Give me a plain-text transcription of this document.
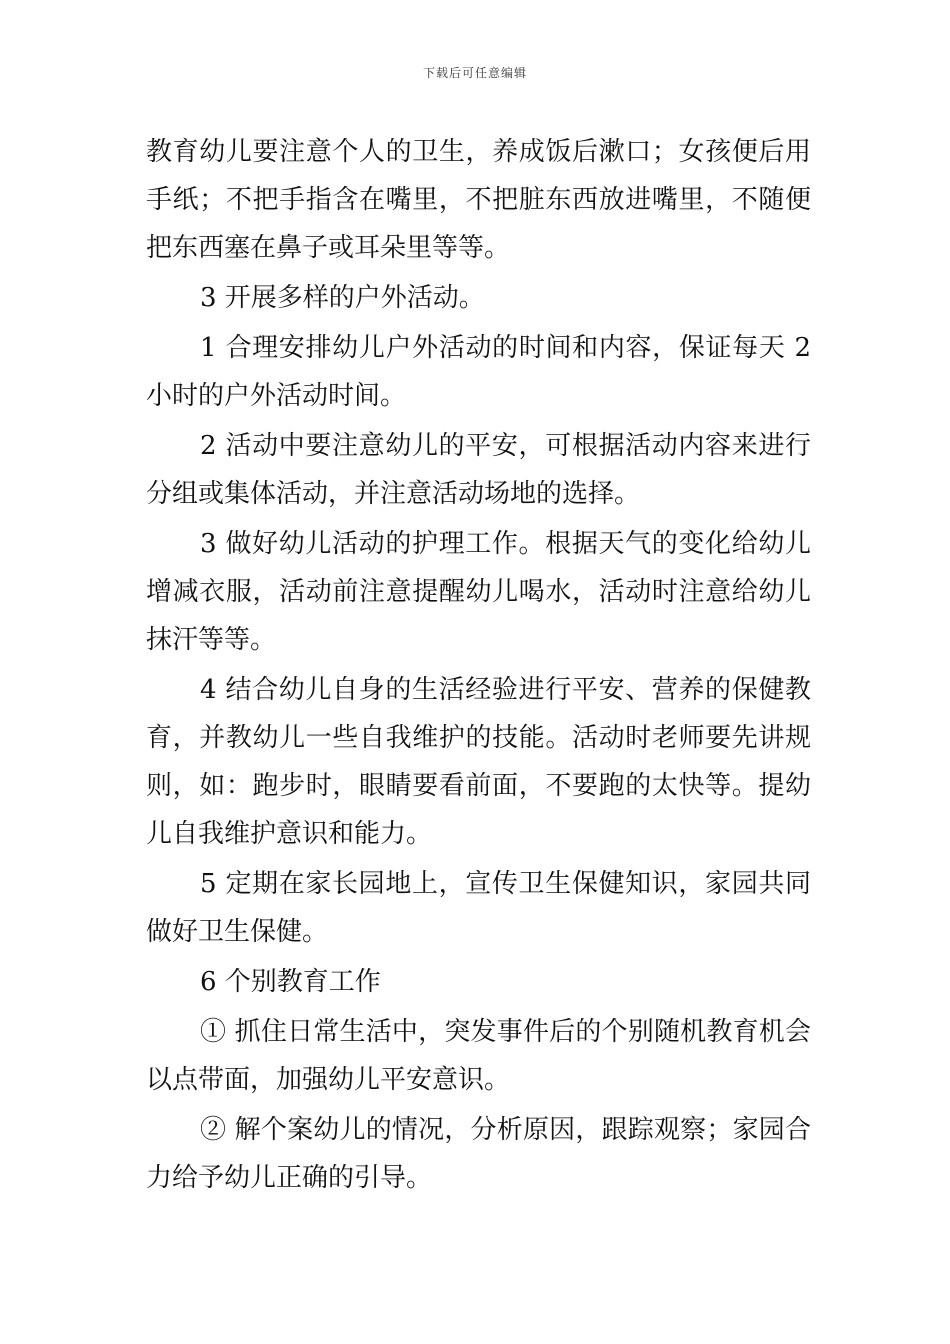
下载后可任意编辑

教育幼儿要注意个人的卫生，养成饭后漱口；女孩便后用手纸；不把手指含在嘴里，不把脏东西放进嘴里，不随便把东西塞在鼻子或耳朵里等等。

3 开展多样的户外活动。

1 合理安排幼儿户外活动的时间和内容，保证每天 2小时的户外活动时间。

2 活动中要注意幼儿的平安，可根据活动内容来进行分组或集体活动，并注意活动场地的选择。

3 做好幼儿活动的护理工作。根据天气的变化给幼儿增减衣服，活动前注意提醒幼儿喝水，活动时注意给幼儿抹汗等等。

4 结合幼儿自身的生活经验进行平安、营养的保健教育，并教幼儿一些自我维护的技能。活动时老师要先讲规则，如：跑步时，眼睛要看前面，不要跑的太快等。提幼儿自我维护意识和能力。

5 定期在家长园地上，宣传卫生保健知识，家园共同做好卫生保健。

6 个别教育工作

① 抓住日常生活中，突发事件后的个别随机教育机会以点带面，加强幼儿平安意识。

② 解个案幼儿的情况，分析原因，跟踪观察；家园合力给予幼儿正确的引导。
